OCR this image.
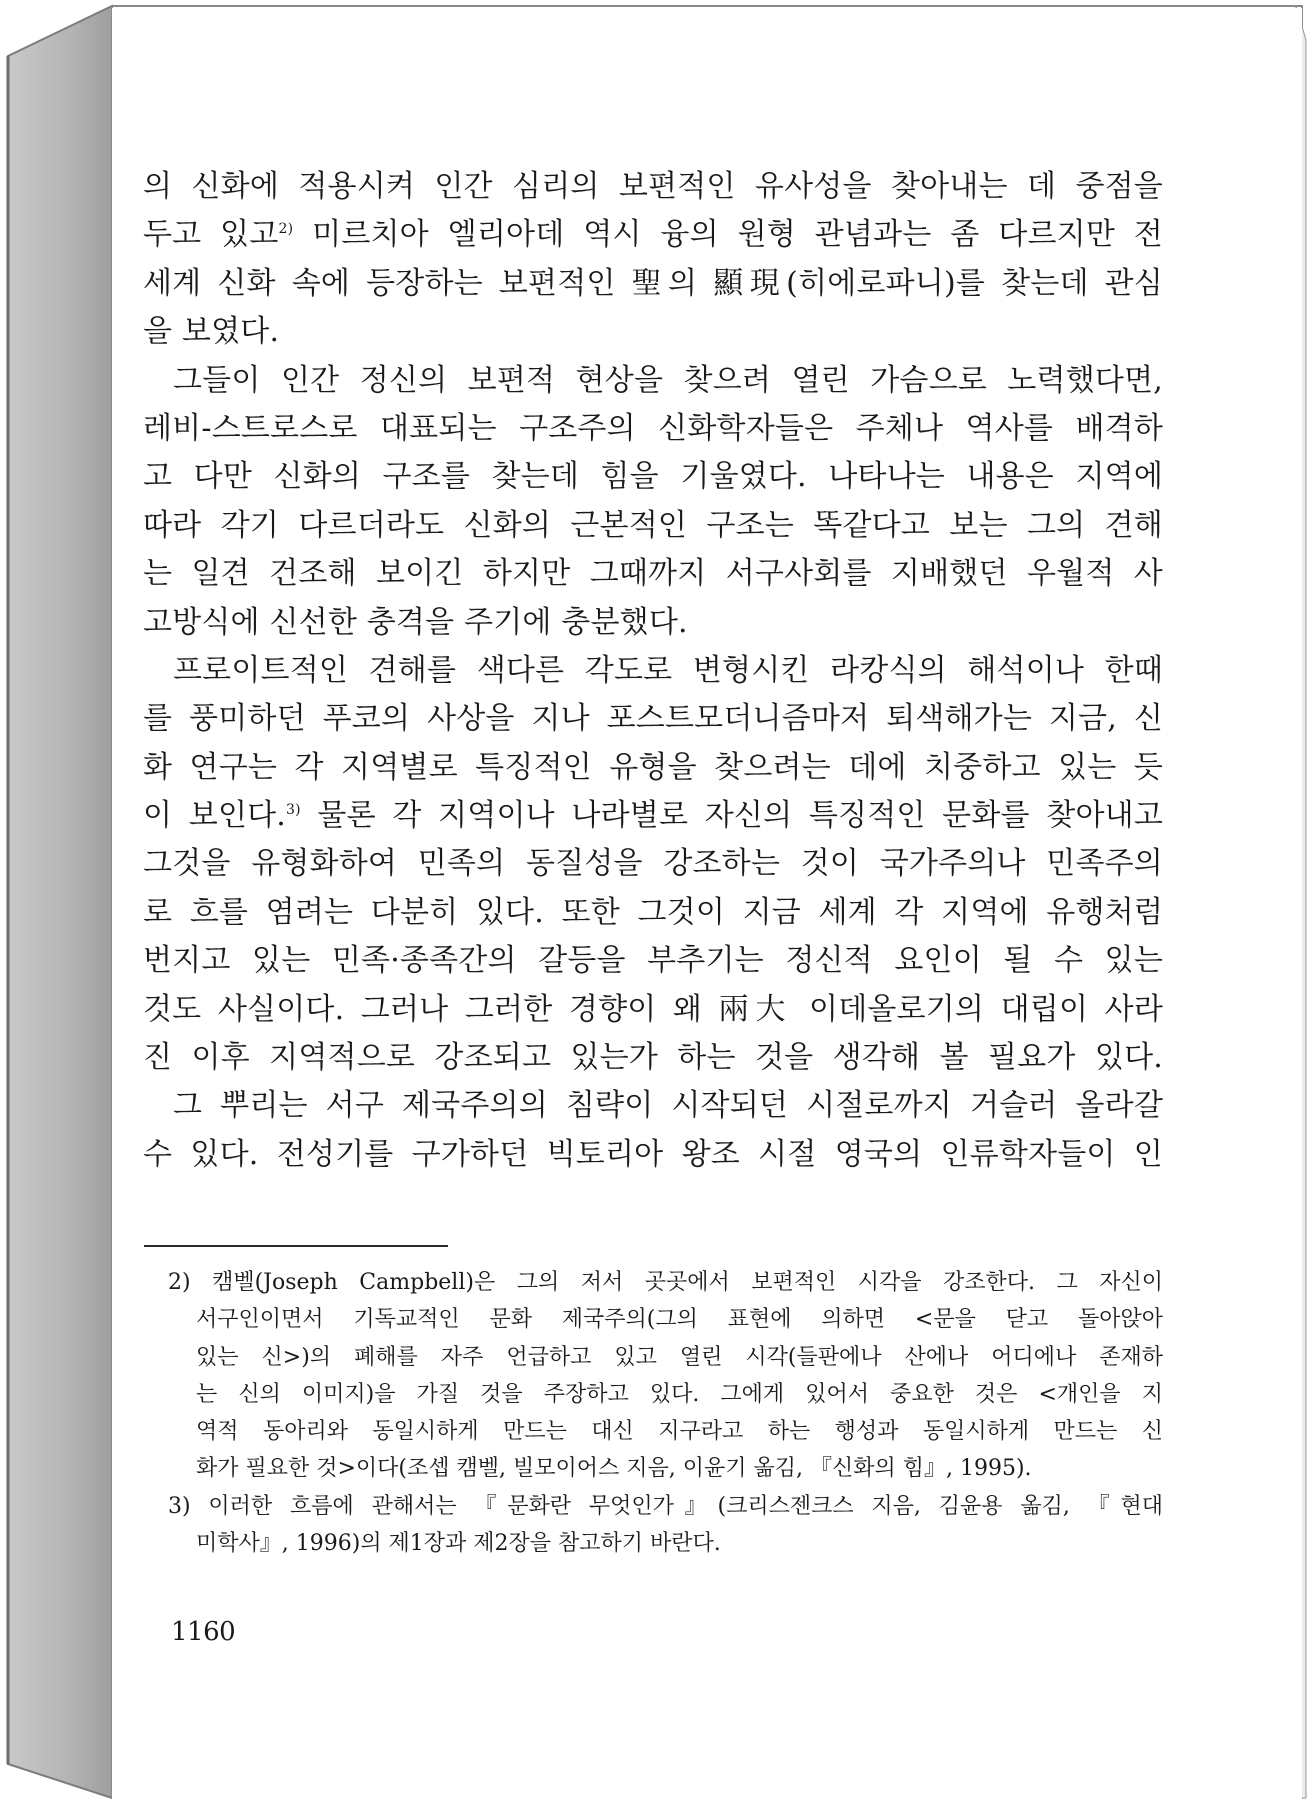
의 신화에 적용시켜 인간 심리의 보편적인 유사성을 찾아내는 데 중점을
두고 있고$^{2)}$ 미르치아 엘리아데 역시 융의 원형 관념과는 좀 다르지만 전
세계 신화 속에 등장하는 보편적인 聖의 顯現(히에로파니)를 찾는데 관심
을 보였다.
그들이 인간 정신의 보편적 현상을 찾으려 열린 가슴으로 노력했다면,
레비-스트로스로 대표되는 구조주의 신화학자들은 주체나 역사를 배격하
고 다만 신화의 구조를 찾는데 힘을 기울였다. 나타나는 내용은 지역에
따라 각기 다르더라도 신화의 근본적인 구조는 똑같다고 보는 그의 견해
는 일견 건조해 보이긴 하지만 그때까지 서구사회를 지배했던 우월적 사
고방식에 신선한 충격을 주기에 충분했다.
프로이트적인 견해를 색다른 각도로 변형시킨 라캉식의 해석이나 한때
를 풍미하던 푸코의 사상을 지나 포스트모더니즘마저 퇴색해가는 지금, 신
화 연구는 각 지역별로 특징적인 유형을 찾으려는 데에 치중하고 있는 듯
이 보인다.$^{3)}$ 물론 각 지역이나 나라별로 자신의 특징적인 문화를 찾아내고
그것을 유형화하여 민족의 동질성을 강조하는 것이 국가주의나 민족주의
로 흐를 염려는 다분히 있다. 또한 그것이 지금 세계 각 지역에 유행처럼
번지고 있는 민족·종족간의 갈등을 부추기는 정신적 요인이 될 수 있는
것도 사실이다. 그러나 그러한 경향이 왜 兩大 이데올로기의 대립이 사라
진 이후 지역적으로 강조되고 있는가 하는 것을 생각해 볼 필요가 있다.
그 뿌리는 서구 제국주의의 침략이 시작되던 시절로까지 거슬러 올라갈
수 있다. 전성기를 구가하던 빅토리아 왕조 시절 영국의 인류학자들이 인
2) 캠벨(Joseph Campbell)은 그의 저서 곳곳에서 보편적인 시각을 강조한다. 그 자신이
서구인이면서 기독교적인 문화 제국주의(그의 표현에 의하면 <문을 닫고 돌아앉아
있는 신>)의 폐해를 자주 언급하고 있고 열린 시각(들판에나 산에나 어디에나 존재하
는 신의 이미지)을 가질 것을 주장하고 있다. 그에게 있어서 중요한 것은 <개인을 지
역적 동아리와 동일시하게 만드는 대신 지구라고 하는 행성과 동일시하게 만드는 신
화가 필요한 것>이다(조셉 캠벨, 빌모이어스 지음, 이윤기 옮김, 『신화의 힘』, 1995).
3) 이러한 흐름에 관해서는 『문화란 무엇인가』(크리스젠크스 지음, 김윤용 옮김, 『현대
미학사』, 1996)의 제1장과 제2장을 참고하기 바란다.
1160
